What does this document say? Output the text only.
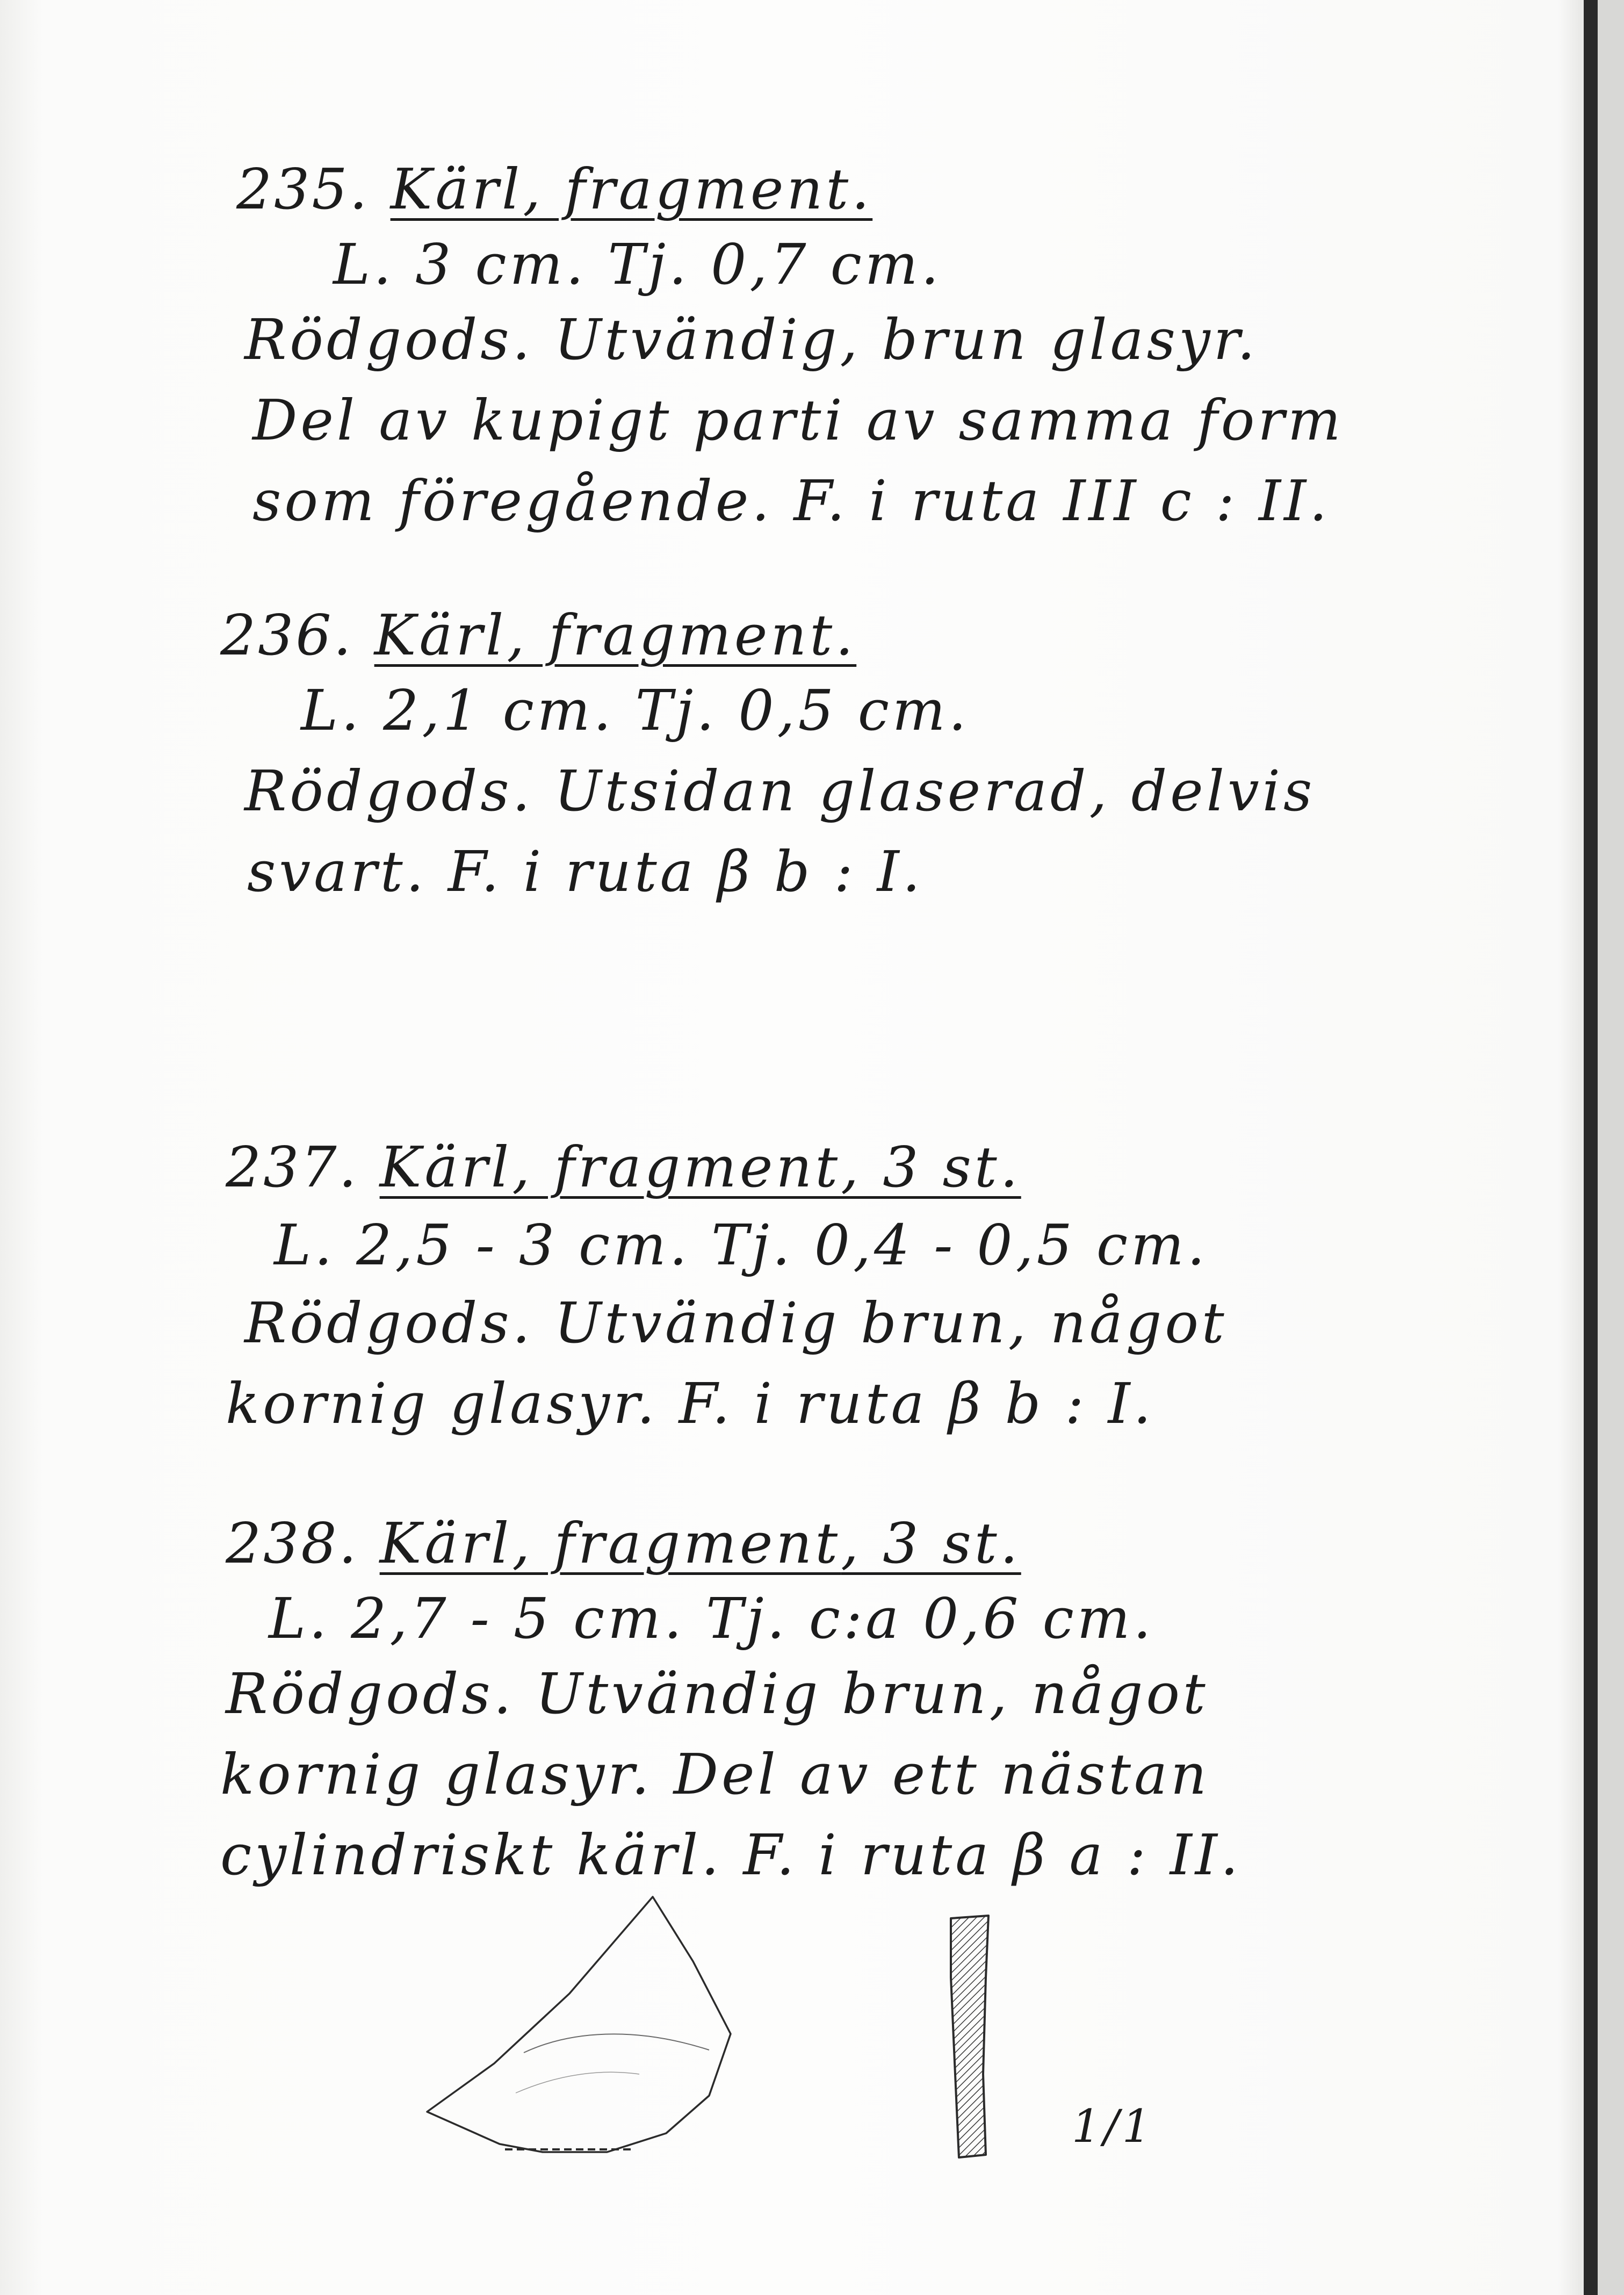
235. Kärl, fragment.
L. 3 cm. Tj. 0,7 cm.
Rödgods. Utvändig, brun glasyr.
Del av kupigt parti av samma form
som föregående. F. i ruta III c : II.
236. Kärl, fragment.
L. 2,1 cm. Tj. 0,5 cm.
Rödgods. Utsidan glaserad, delvis
svart. F. i ruta β b : I.
237. Kärl, fragment, 3 st.
L. 2,5 - 3 cm. Tj. 0,4 - 0,5 cm.
Rödgods. Utvändig brun, något
kornig glasyr. F. i ruta β b : I.
238. Kärl, fragment, 3 st.
L. 2,7 - 5 cm. Tj. c:a 0,6 cm.
Rödgods. Utvändig brun, något
kornig glasyr. Del av ett nästan
cylindriskt kärl. F. i ruta β a : II.
1/1
